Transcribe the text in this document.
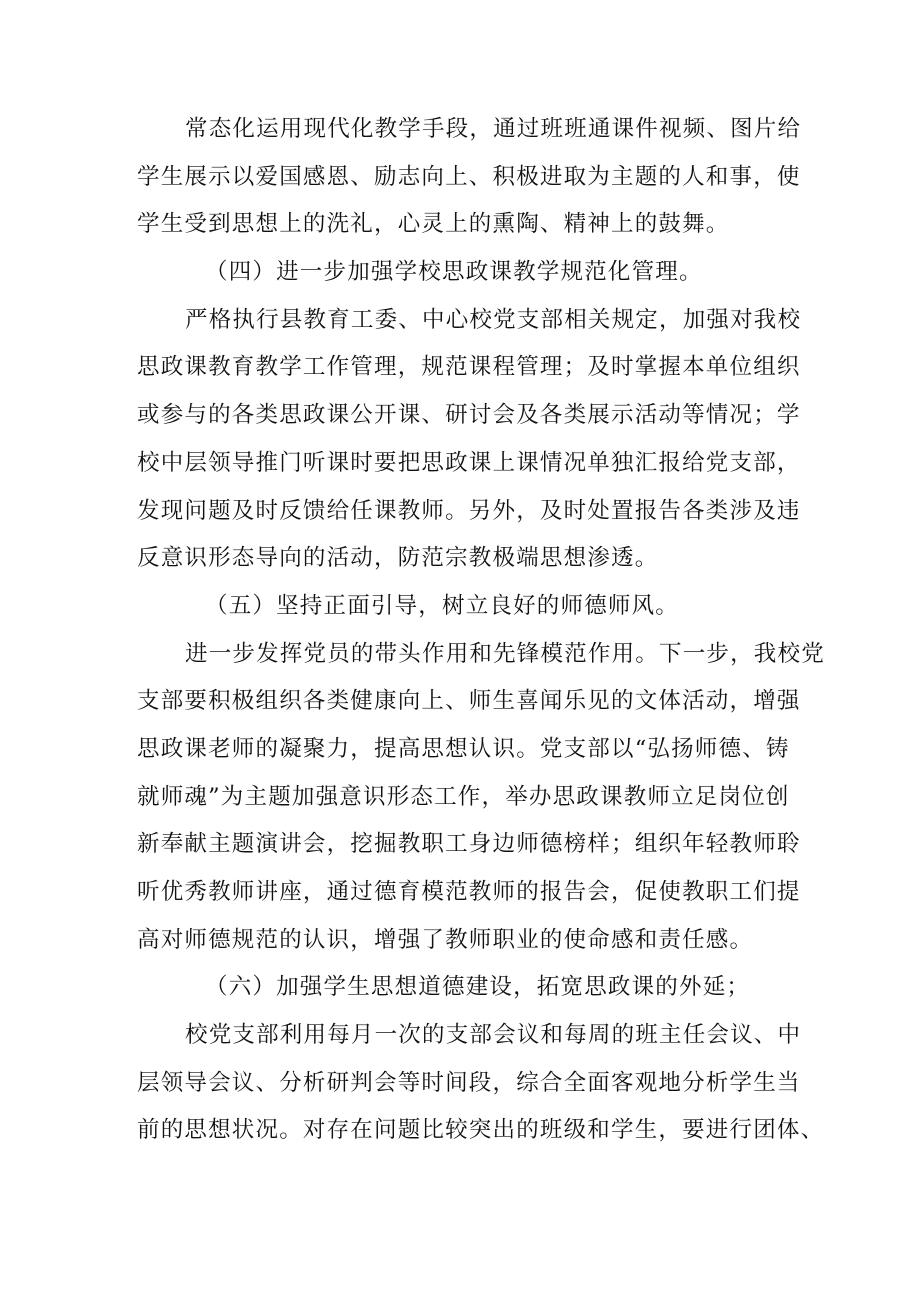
常态化运用现代化教学手段，通过班班通课件视频、图片给
学生展示以爱国感恩、励志向上、积极进取为主题的人和事，使
学生受到思想上的洗礼，心灵上的熏陶、精神上的鼓舞。
（四）进一步加强学校思政课教学规范化管理。
严格执行县教育工委、中心校党支部相关规定，加强对我校
思政课教育教学工作管理，规范课程管理；及时掌握本单位组织
或参与的各类思政课公开课、研讨会及各类展示活动等情况；学
校中层领导推门听课时要把思政课上课情况单独汇报给党支部，
发现问题及时反馈给任课教师。另外，及时处置报告各类涉及违
反意识形态导向的活动，防范宗教极端思想渗透。
（五）坚持正面引导，树立良好的师德师风。
进一步发挥党员的带头作用和先锋模范作用。下一步，我校党
支部要积极组织各类健康向上、师生喜闻乐见的文体活动，增强
思政课老师的凝聚力，提高思想认识。党支部以“弘扬师德、铸
就师魂”为主题加强意识形态工作，举办思政课教师立足岗位创
新奉献主题演讲会，挖掘教职工身边师德榜样；组织年轻教师聆
听优秀教师讲座，通过德育模范教师的报告会，促使教职工们提
高对师德规范的认识，增强了教师职业的使命感和责任感。
（六）加强学生思想道德建设，拓宽思政课的外延；
校党支部利用每月一次的支部会议和每周的班主任会议、中
层领导会议、分析研判会等时间段，综合全面客观地分析学生当
前的思想状况。对存在问题比较突出的班级和学生，要进行团体、
